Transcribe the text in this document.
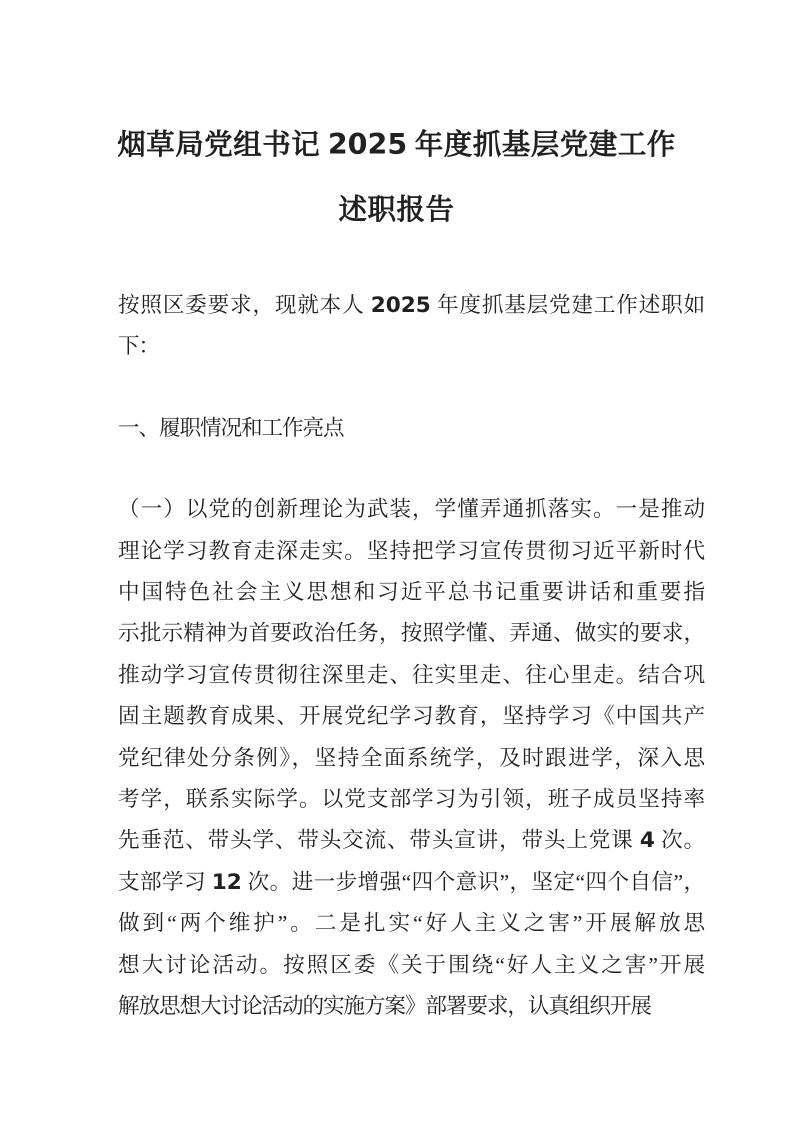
烟草局党组书记 2025 年度抓基层党建工作
述职报告

按照区委要求，现就本人 2025 年度抓基层党建工作述职如
下：

一、履职情况和工作亮点

（一）以党的创新理论为武装，学懂弄通抓落实。一是推动
理论学习教育走深走实。坚持把学习宣传贯彻习近平新时代
中国特色社会主义思想和习近平总书记重要讲话和重要指
示批示精神为首要政治任务，按照学懂、弄通、做实的要求，
推动学习宣传贯彻往深里走、往实里走、往心里走。结合巩
固主题教育成果、开展党纪学习教育，坚持学习《中国共产
党纪律处分条例》，坚持全面系统学，及时跟进学，深入思
考学，联系实际学。以党支部学习为引领，班子成员坚持率
先垂范、带头学、带头交流、带头宣讲，带头上党课 4 次。
支部学习 12 次。进一步增强“四个意识”，坚定“四个自信”，
做到“两个维护”。二是扎实“好人主义之害”开展解放思
想大讨论活动。按照区委《关于围绕“好人主义之害”开展
解放思想大讨论活动的实施方案》部署要求，认真组织开展
